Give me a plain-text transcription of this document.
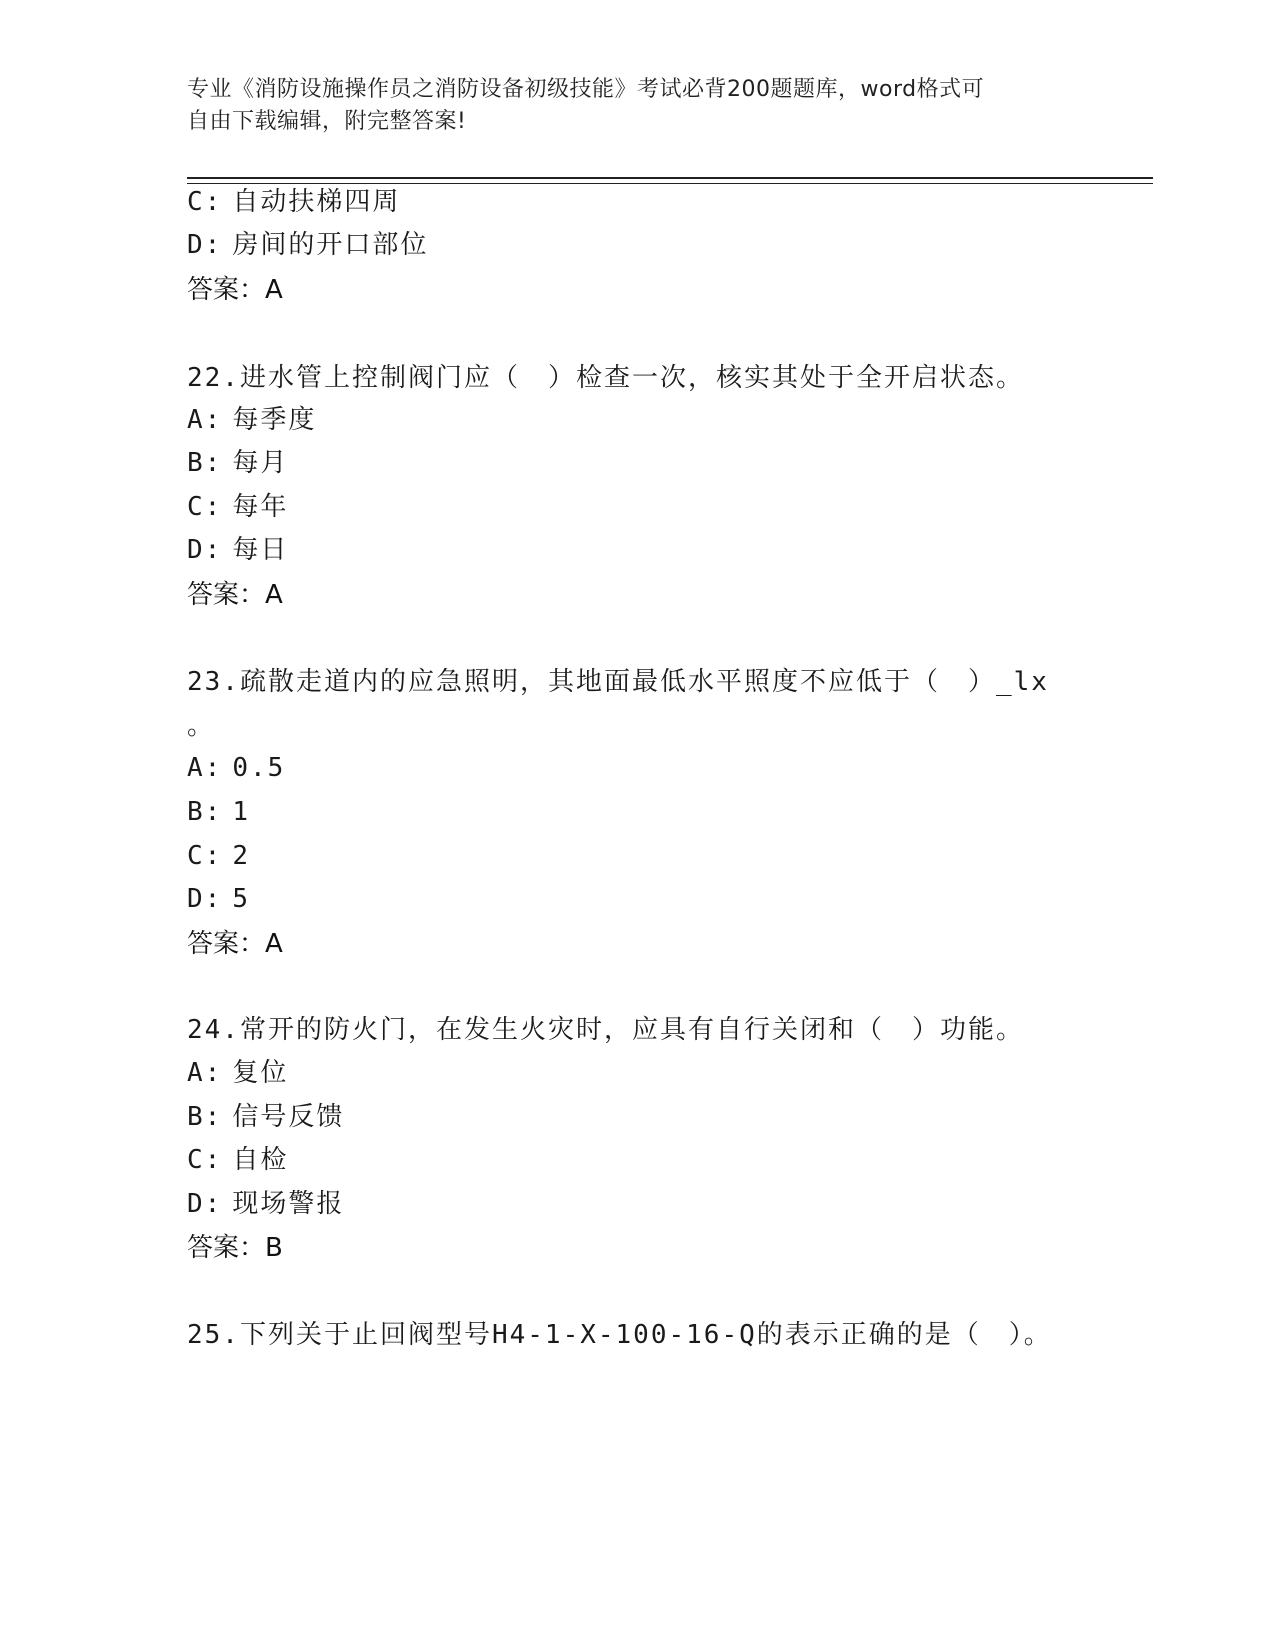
专业《消防设施操作员之消防设备初级技能》考试必背200题题库，word格式可
自由下载编辑，附完整答案!
C: 自动扶梯四周
D: 房间的开口部位
答案：A
22.进水管上控制阀门应（　）检查一次，核实其处于全开启状态。
A: 每季度
B: 每月
C: 每年
D: 每日
答案：A
23.疏散走道内的应急照明，其地面最低水平照度不应低于（　）_lx
。
A: 0.5
B: 1
C: 2
D: 5
答案：A
24.常开的防火门，在发生火灾时，应具有自行关闭和（　）功能。
A: 复位
B: 信号反馈
C: 自检
D: 现场警报
答案：B
25.下列关于止回阀型号H4-1-X-100-16-Q的表示正确的是（　）。
